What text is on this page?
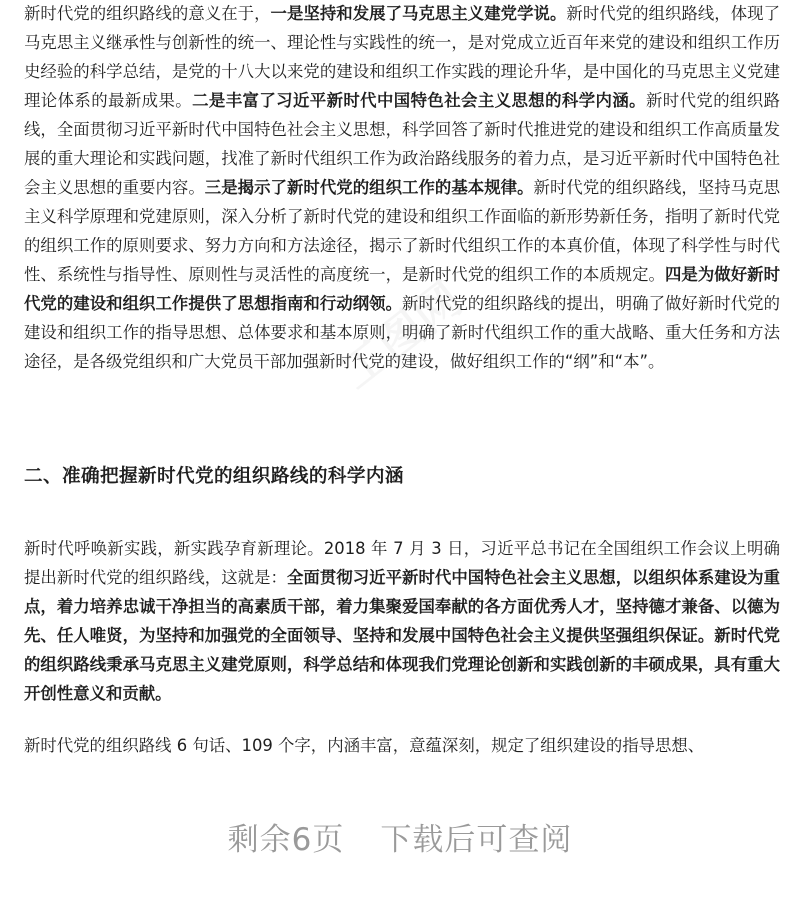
新时代党的组织路线的意义在于，一是坚持和发展了马克思主义建党学说。新时代党的组织路线，体现了马克思主义继承性与创新性的统一、理论性与实践性的统一，是对党成立近百年来党的建设和组织工作历史经验的科学总结，是党的十八大以来党的建设和组织工作实践的理论升华，是中国化的马克思主义党建理论体系的最新成果。二是丰富了习近平新时代中国特色社会主义思想的科学内涵。新时代党的组织路线，全面贯彻习近平新时代中国特色社会主义思想，科学回答了新时代推进党的建设和组织工作高质量发展的重大理论和实践问题，找准了新时代组织工作为政治路线服务的着力点，是习近平新时代中国特色社会主义思想的重要内容。三是揭示了新时代党的组织工作的基本规律。新时代党的组织路线，坚持马克思主义科学原理和党建原则，深入分析了新时代党的建设和组织工作面临的新形势新任务，指明了新时代党的组织工作的原则要求、努力方向和方法途径，揭示了新时代组织工作的本真价值，体现了科学性与时代性、系统性与指导性、原则性与灵活性的高度统一，是新时代党的组织工作的本质规定。四是为做好新时代党的建设和组织工作提供了思想指南和行动纲领。新时代党的组织路线的提出，明确了做好新时代党的建设和组织工作的指导思想、总体要求和基本原则，明确了新时代组织工作的重大战略、重大任务和方法途径，是各级党组织和广大党员干部加强新时代党的建设，做好组织工作的“纲”和“本”。

二、准确把握新时代党的组织路线的科学内涵

新时代呼唤新实践，新实践孕育新理论。2018 年 7 月 3 日，习近平总书记在全国组织工作会议上明确提出新时代党的组织路线，这就是：全面贯彻习近平新时代中国特色社会主义思想，以组织体系建设为重点，着力培养忠诚干净担当的高素质干部，着力集聚爱国奉献的各方面优秀人才，坚持德才兼备、以德为先、任人唯贤，为坚持和加强党的全面领导、坚持和发展中国特色社会主义提供坚强组织保证。新时代党的组织路线秉承马克思主义建党原则，科学总结和体现我们党理论创新和实践创新的丰硕成果，具有重大开创性意义和贡献。

新时代党的组织路线 6 句话、109 个字，内涵丰富，意蕴深刻，规定了组织建设的指导思想、

剩余6页 下载后可查阅
